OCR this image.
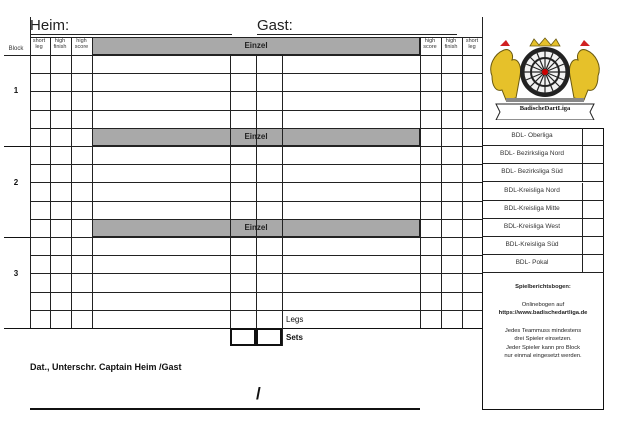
Heim:	Gast:
Block
short leg
high finish
high score
high score
high finish
short leg
Einzel
Einzel
Einzel
1
2
3
Legs
Sets
Dat., Unterschr. Captain Heim /Gast
/
BadischeDartLiga
BDL- Oberliga
BDL- Bezirksliga Nord
BDL- Bezirksliga Süd
BDL-Kreisliga Nord
BDL-Kreisliga Mitte
BDL-Kreisliga West
BDL-Kreisliga Süd
BDL- Pokal
Spielberichtsbogen:
Onlinebogen auf
https://www.badischedartliga.de
Jedes Teammuss mindestens
drei Spieler einsetzen.
Jeder Spieler kann pro Block
nur einmal eingesetzt werden.
